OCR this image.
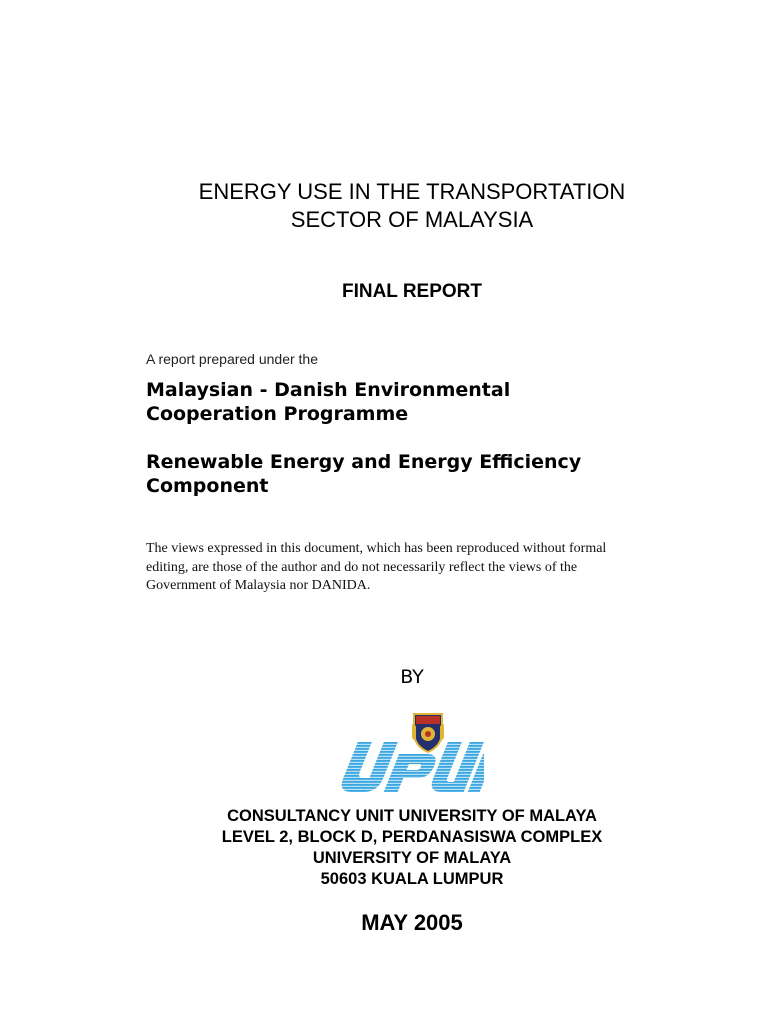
ENERGY USE IN THE TRANSPORTATION
SECTOR OF MALAYSIA
FINAL REPORT
A report prepared under the
Malaysian - Danish Environmental
Cooperation Programme
Renewable Energy and Energy Efficiency
Component
The views expressed in this document, which has been reproduced without formal
editing, are those of the author and do not necessarily reflect the views of the
Government of Malaysia nor DANIDA.
BY
CONSULTANCY UNIT UNIVERSITY OF MALAYA
LEVEL 2, BLOCK D, PERDANASISWA COMPLEX
UNIVERSITY OF MALAYA
50603 KUALA LUMPUR
MAY 2005
